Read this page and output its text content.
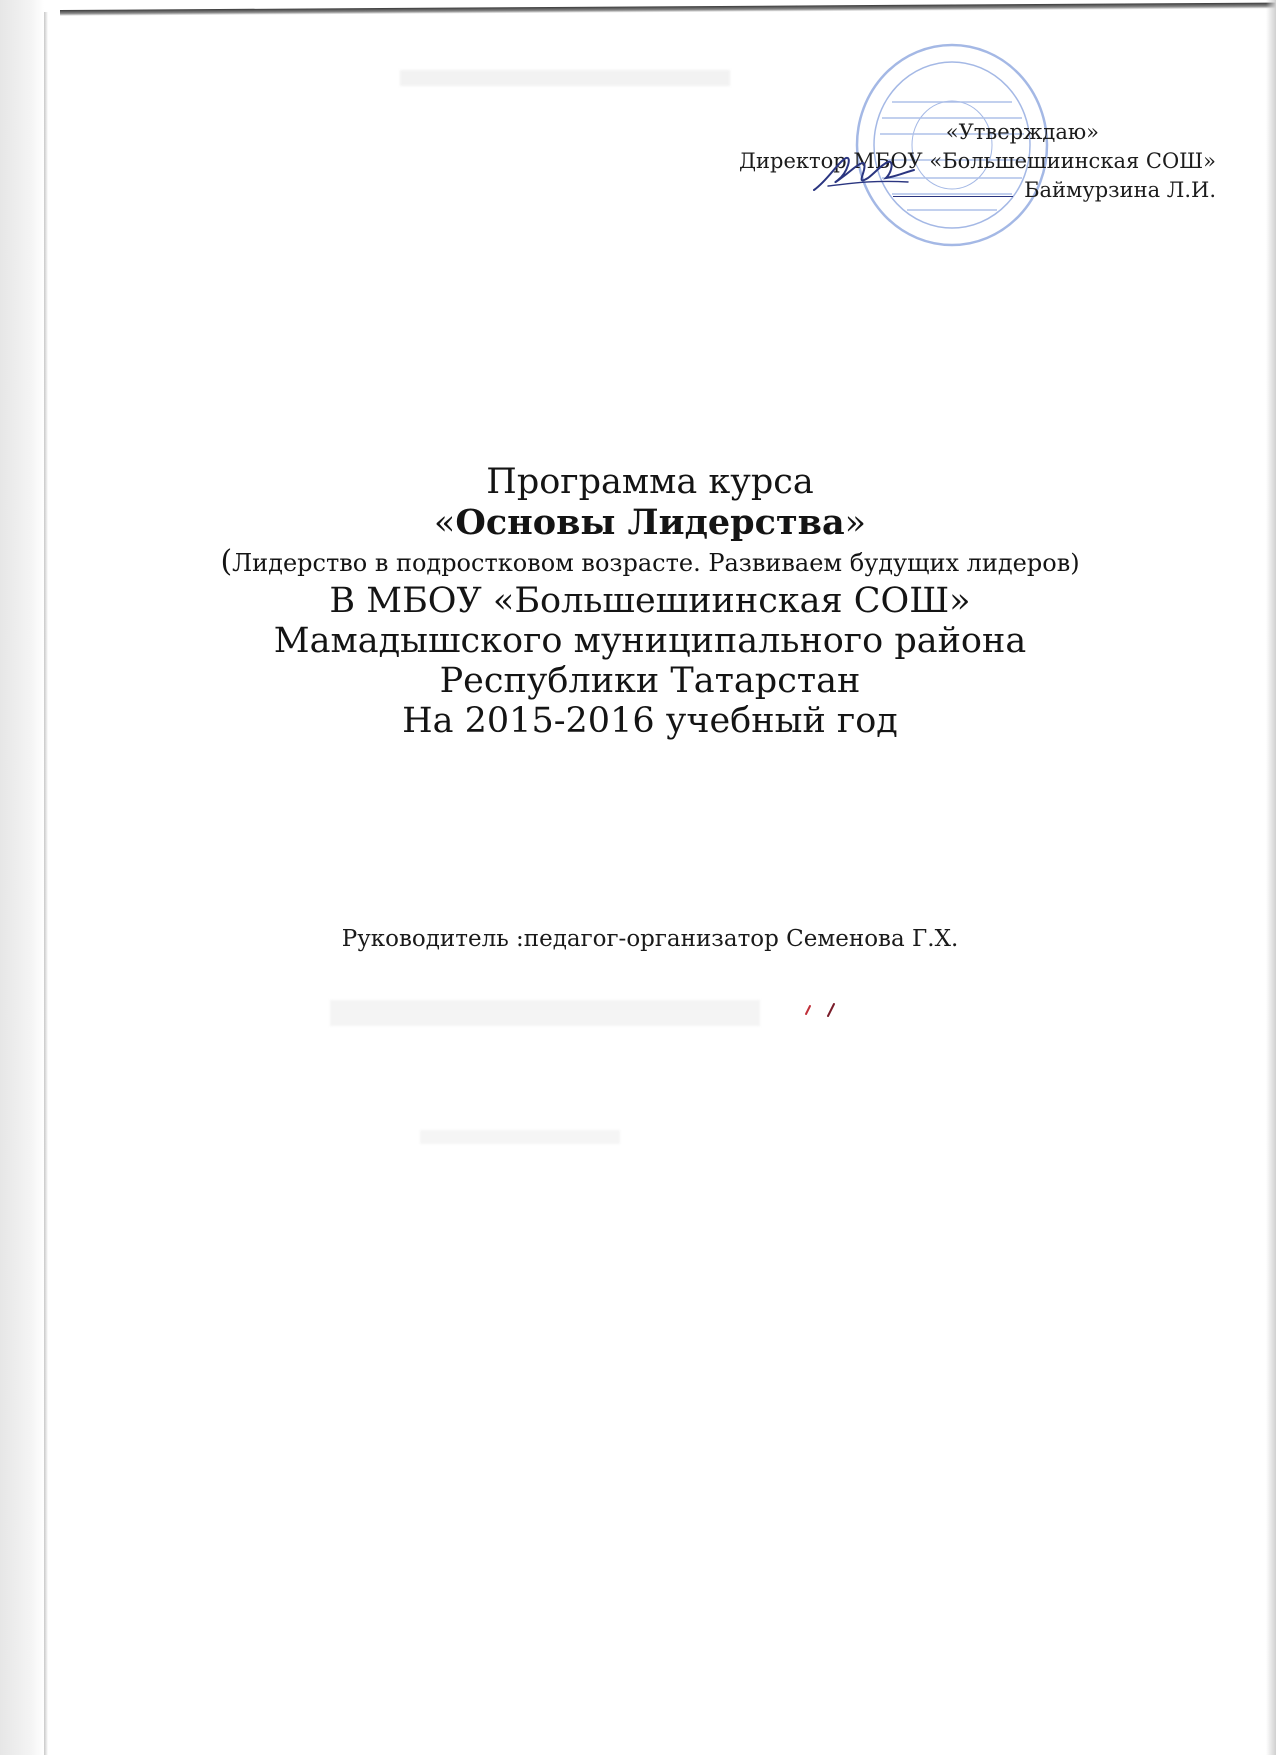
«Утверждаю»
Директор МБОУ «Большешиинская СОШ»
Баймурзина Л.И.
Программа курса
«Основы Лидерства»
(Лидерство в подростковом возрасте. Развиваем будущих лидеров)
В МБОУ «Большешиинская СОШ»
Мамадышского муниципального района
Республики Татарстан
На 2015-2016 учебный год
Руководитель :педагог-организатор Семенова Г.Х.
